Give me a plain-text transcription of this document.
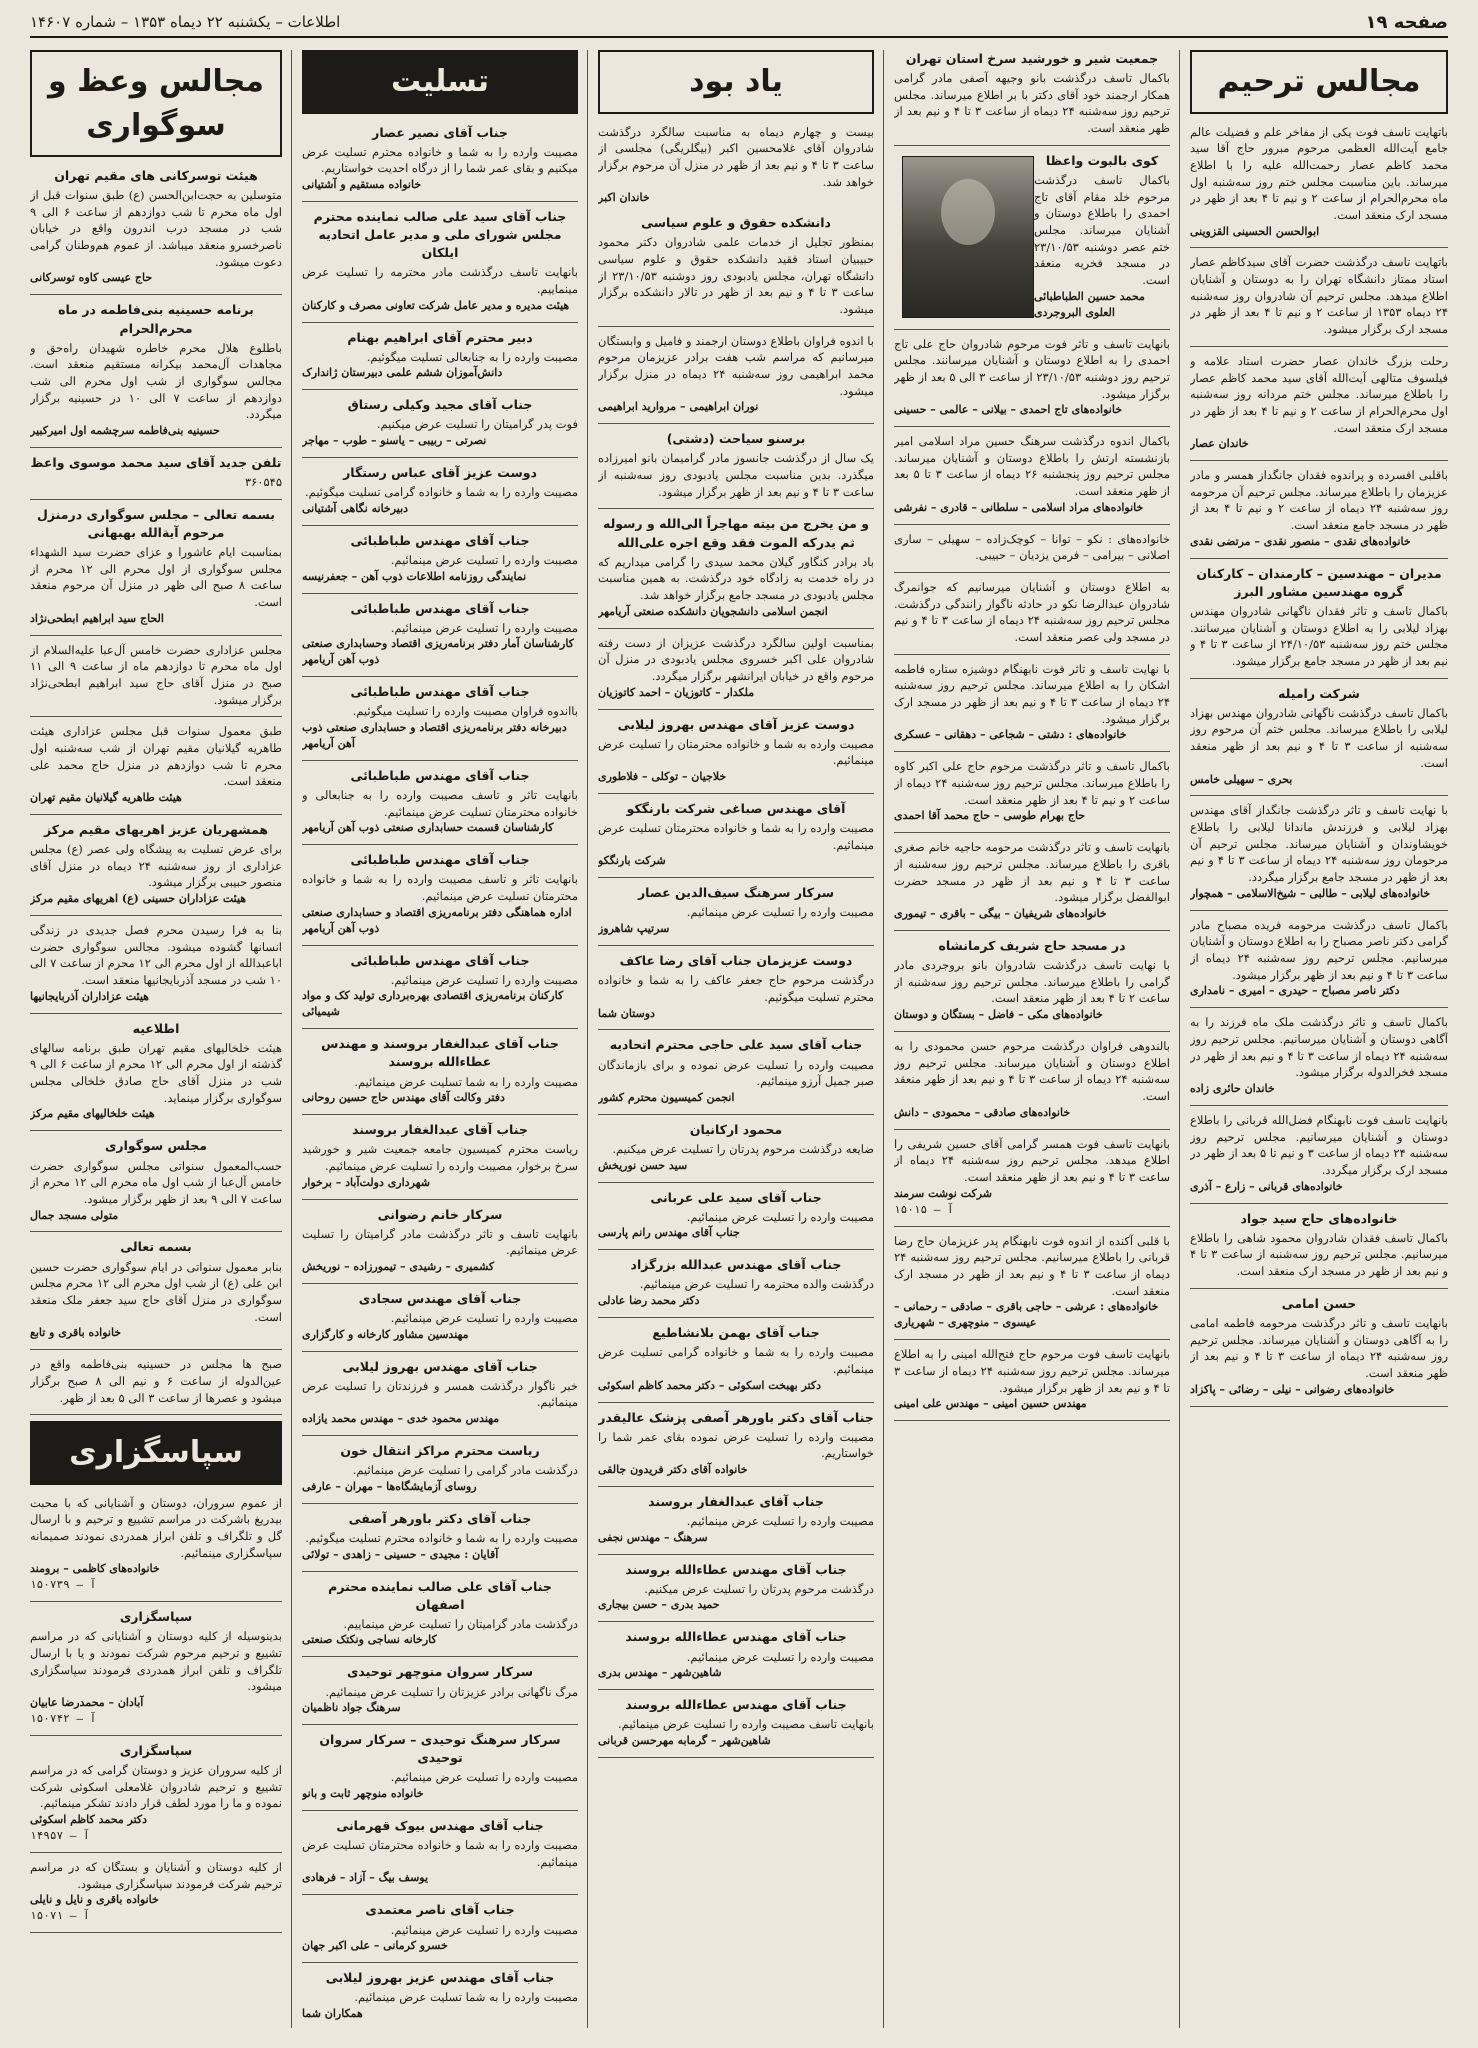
صفحه ۱۹
اطلاعات – یکشنبه ۲۲ دیماه ۱۳۵۳ – شماره ۱۴۶۰۷
مجالس ترحیم

باتهایت تاسف فوت یکی از مفاخر علم و فضیلت عالم جامع آیت‌الله العظمی مرحوم مبرور حاج آقا سید محمد کاظم عصار رحمت‌الله علیه را با اطلاع میرساند. باین مناسبت مجلس ختم روز سه‌شنبه اول ماه محرم‌الحرام از ساعت ۲ و نیم تا ۴ بعد از ظهر در مسجد ارک منعقد است.

ابوالحسن الحسینی القزوینی

باتهایت تاسف درگذشت حضرت آقای سیدکاظم عصار استاد ممتاز دانشگاه تهران را به دوستان و آشنایان اطلاع میدهد. مجلس ترحیم آن شادروان روز سه‌شنبه ۲۴ دیماه ۱۳۵۳ از ساعت ۲ و نیم تا ۴ بعد از ظهر در مسجد ارک برگزار میشود.

رحلت بزرگ خاندان عصار حضرت استاد علامه و فیلسوف متالهی آیت‌الله آقای سید محمد کاظم عصار را باطلاع میرساند. مجلس ختم مردانه روز سه‌شنبه اول محرم‌الحرام از ساعت ۲ و نیم تا ۴ بعد از ظهر در مسجد ارک منعقد است.

خاندان عصار

باقلبی افسرده و پراندوه فقدان جانگداز همسر و مادر عزیزمان را باطلاع میرساند. مجلس ترحیم آن مرحومه روز سه‌شنبه ۲۴ دیماه از ساعت ۲ و نیم تا ۴ بعد از ظهر در مسجد جامع منعقد است.

خانواده‌های نقدی – منصور نقدی – مرتضی نقدی
مدیران – مهندسین – کارمندان – کارکنان گروه مهندسین مشاور البرز

باکمال تاسف و تاثر فقدان ناگهانی شادروان مهندس بهزاد لیلابی را به اطلاع دوستان و آشنایان میرسانند. مجلس ختم روز سه‌شنبه ۲۴/۱۰/۵۳ از ساعت ۳ تا ۴ و نیم بعد از ظهر در مسجد جامع برگزار میشود.

شرکت رامیله

باکمال تاسف درگذشت ناگهانی شادروان مهندس بهزاد لیلابی را باطلاع میرساند. مجلس ختم آن مرحوم روز سه‌شنبه از ساعت ۳ تا ۴ و نیم بعد از ظهر منعقد است.

بحری – سهیلی خامس

با نهایت تاسف و تاثر درگذشت جانگداز آقای مهندس بهزاد لیلابی و فرزندش ماندانا لیلابی را باطلاع خویشاوندان و آشنایان میرساند. مجلس ترحیم آن مرحومان روز سه‌شنبه ۲۴ دیماه از ساعت ۳ تا ۴ و نیم بعد از ظهر در مسجد جامع برگزار میگردد.

خانواده‌های لیلابی – طالبی – شیخ‌الاسلامی – همچوار

باکمال تاسف درگذشت مرحومه فریده مصباح مادر گرامی دکتر ناصر مصباح را به اطلاع دوستان و آشنایان میرسانیم. مجلس ترحیم روز سه‌شنبه ۲۴ دیماه از ساعت ۳ تا ۴ و نیم بعد از ظهر برگزار میشود.

دکتر ناصر مصباح – حیدری – امیری – نامداری

باکمال تاسف و تاثر درگذشت ملک ماه فرزند را به آگاهی دوستان و آشنایان میرسانیم. مجلس ترحیم روز سه‌شنبه ۲۴ دیماه از ساعت ۳ تا ۴ و نیم بعد از ظهر در مسجد فخرالدوله برگزار میشود.

خاندان حائری زاده

بانهایت تاسف فوت نابهنگام فضل‌الله قربانی را باطلاع دوستان و آشنایان میرسانیم. مجلس ترحیم روز سه‌شنبه ۲۴ دیماه از ساعت ۳ و نیم تا ۵ بعد از ظهر در مسجد ارک برگزار میگردد.

خانواده‌های قربانی – زارع – آذری
خانواده‌های حاج سید جواد

باکمال تاسف فقدان شادروان محمود شاهی را باطلاع میرسانیم. مجلس ترحیم روز سه‌شنبه از ساعت ۳ تا ۴ و نیم بعد از ظهر در مسجد ارک منعقد است.

حسن امامی

بانهایت تاسف و تاثر درگذشت مرحومه فاطمه امامی را به آگاهی دوستان و آشنایان میرساند. مجلس ترحیم روز سه‌شنبه ۲۴ دیماه از ساعت ۳ تا ۴ و نیم بعد از ظهر منعقد است.

خانواده‌های رضوانی – نیلی – رضائی – پاکزاد
جمعیت شیر و خورشید سرخ استان تهران

باکمال تاسف درگذشت بانو وجیهه آصفی مادر گرامی همکار ارجمند خود آقای دکتر با بر اطلاع میرساند. مجلس ترحیم روز سه‌شنبه ۲۴ دیماه از ساعت ۳ تا ۴ و نیم بعد از ظهر منعقد است.

کوی بالبوت واعظا

باکمال تاسف درگذشت مرحوم خلد مقام آقای تاج احمدی را باطلاع دوستان و آشنایان میرساند. مجلس ختم عصر دوشنبه ۲۳/۱۰/۵۳ در مسجد فخریه منعقد است.

محمد حسین الطباطبائی العلوی البروجردی

بانهایت تاسف و تاثر فوت مرحوم شادروان حاج علی تاج احمدی را به اطلاع دوستان و آشنایان میرسانند. مجلس ترحیم روز دوشنبه ۲۳/۱۰/۵۳ از ساعت ۳ الی ۵ بعد از ظهر برگزار میشود.

خانواده‌های تاج احمدی – بیلانی – عالمی – حسینی

باکمال اندوه درگذشت سرهنگ حسین مراد اسلامی امیر بازنشسته ارتش را باطلاع دوستان و آشنایان میرساند. مجلس ترحیم روز پنجشنبه ۲۶ دیماه از ساعت ۳ تا ۵ بعد از ظهر منعقد است.

خانواده‌های مراد اسلامی – سلطانی – قادری – نفرشی

خانواده‌های : نکو – توانا – کوچک‌زاده – سهیلی – ساری اصلانی – بیرامی – فرمن یزدیان – حبیبی.

به اطلاع دوستان و آشنایان میرسانیم که جوانمرگ شادروان عبدالرضا نکو در حادثه ناگوار رانندگی درگذشت. مجلس ترحیم روز سه‌شنبه ۲۴ دیماه از ساعت ۳ تا ۴ و نیم در مسجد ولی عصر منعقد است.

با نهایت تاسف و تاثر فوت نابهنگام دوشیزه ستاره فاطمه اشکان را به اطلاع میرساند. مجلس ترحیم روز سه‌شنبه ۲۴ دیماه از ساعت ۳ تا ۴ و نیم بعد از ظهر در مسجد ارک برگزار میشود.

خانواده‌های : دشتی – شجاعی – دهقانی – عسکری

باکمال تاسف و تاثر درگذشت مرحوم حاج علی اکبر کاوه را باطلاع میرساند. مجلس ترحیم روز سه‌شنبه ۲۴ دیماه از ساعت ۲ و نیم تا ۴ بعد از ظهر منعقد است.

حاج بهرام طوسی – حاج محمد آقا احمدی

بانهایت تاسف و تاثر درگذشت مرحومه حاجیه خانم صغری باقری را باطلاع میرساند. مجلس ترحیم روز سه‌شنبه از ساعت ۳ تا ۴ و نیم بعد از ظهر در مسجد حضرت ابوالفضل برگزار میشود.

خانواده‌های شریفیان – بیگی – باقری – تیموری
در مسجد حاج شریف کرمانشاه

با نهایت تاسف درگذشت شادروان بانو بروجردی مادر گرامی را باطلاع میرساند. مجلس ترحیم روز سه‌شنبه از ساعت ۲ تا ۴ بعد از ظهر منعقد است.

خانواده‌های مکی – فاضل – بستگان و دوستان

بالندوهی فراوان درگذشت مرحوم حسن محمودی را به اطلاع دوستان و آشنایان میرساند. مجلس ترحیم روز سه‌شنبه ۲۴ دیماه از ساعت ۳ تا ۴ و نیم بعد از ظهر منعقد است.

خانواده‌های صادقی – محمودی – دانش

بانهایت تاسف فوت همسر گرامی آقای حسین شریفی را اطلاع میدهد. مجلس ترحیم روز سه‌شنبه ۲۴ دیماه از ساعت ۳ تا ۴ و نیم بعد از ظهر منعقد است.

شرکت نوشت سرمند
آ – ۱۵۰۱۵

با قلبی آکنده از اندوه فوت نابهنگام پدر عزیزمان حاج رضا قربانی را باطلاع میرسانیم. مجلس ترحیم روز سه‌شنبه ۲۴ دیماه از ساعت ۳ تا ۴ و نیم بعد از ظهر در مسجد ارک منعقد است.

خانواده‌های : عرشی – حاجی باقری – صادقی – رحمانی – عیسوی – منوچهری – شهریاری

بانهایت تاسف فوت مرحوم حاج فتح‌الله امینی را به اطلاع میرساند. مجلس ترحیم روز سه‌شنبه ۲۴ دیماه از ساعت ۳ تا ۴ و نیم بعد از ظهر برگزار میشود.

مهندس حسین امینی – مهندس علی امینی
یاد بود

بیست و چهارم دیماه به مناسبت سالگرد درگذشت شادروان آقای غلامحسین اکبر (بیگلریگی) مجلسی از ساعت ۳ تا ۴ و نیم بعد از ظهر در منزل آن مرحوم برگزار خواهد شد.

خاندان اکبر
دانشکده حقوق و علوم سیاسی

بمنظور تجلیل از خدمات علمی شادروان دکتر محمود حبیبیان استاد فقید دانشکده حقوق و علوم سیاسی دانشگاه تهران، مجلس یادبودی روز دوشنبه ۲۳/۱۰/۵۳ از ساعت ۳ تا ۴ و نیم بعد از ظهر در تالار دانشکده برگزار میشود.

با اندوه فراوان باطلاع دوستان ارجمند و فامیل و وابستگان میرسانیم که مراسم شب هفت برادر عزیزمان مرحوم محمد ابراهیمی روز سه‌شنبه ۲۴ دیماه در منزل برگزار میشود.

نوران ابراهیمی – مروارید ابراهیمی
برسنو سیاحت (دشتی)

یک سال از درگذشت جانسوز مادر گرامیمان بانو امیرزاده میگذرد. بدین مناسبت مجلس یادبودی روز سه‌شنبه از ساعت ۳ تا ۴ و نیم بعد از ظهر برگزار میشود.

و من یخرج من بیته مهاجراً الی‌الله و رسوله ثم یدرکه الموت فقد وقع اجره علی‌الله

باد برادر کنگاور گیلان محمد سیدی را گرامی میداریم که در راه خدمت به زادگاه خود درگذشت. به همین مناسبت مجلس یادبودی در مسجد جامع برگزار خواهد شد.

انجمن اسلامی دانشجویان دانشکده صنعتی آریامهر

بمناسبت اولین سالگرد درگذشت عزیزان از دست رفته شادروان علی اکبر خسروی مجلس یادبودی در منزل آن مرحوم واقع در خیابان ایرانشهر برگزار میگردد.

ملکدار – کاتوزیان – احمد کاتوزیان
دوست عزیز آقای مهندس بهروز لیلابی

مصیبت وارده به شما و خانواده محترمتان را تسلیت عرض مینمائیم.

خلاجیان – توکلی – فلاطوری
آقای مهندس صباغی شرکت بارنگکو

مصیبت وارده را به شما و خانواده محترمتان تسلیت عرض مینمائیم.

شرکت بارنگکو
سرکار سرهنگ سیف‌الدین عصار

مصیبت وارده را تسلیت عرض مینمائیم.

سرتیپ شاهروز
دوست عزیزمان جناب آقای رضا عاکف

درگذشت مرحوم حاج جعفر عاکف را به شما و خانواده محترم تسلیت میگوئیم.

دوستان شما
جناب آقای سید علی حاجی محترم اتحادیه

مصیبت وارده را تسلیت عرض نموده و برای بازماندگان صبر جمیل آرزو مینمائیم.

انجمن کمیسیون محترم کشور
محمود ارکانیان

ضایعه درگذشت مرحوم پدرتان را تسلیت عرض میکنیم.

سید حسن نوریخش
جناب آقای سید علی عربانی

مصیبت وارده را تسلیت عرض مینمائیم.

جناب آقای مهندس رانم پارسی
جناب آقای مهندس عبدالله بزرگزاد

درگذشت والده محترمه را تسلیت عرض مینمائیم.

دکتر محمد رضا عادلی
جناب آقای بهمن بلانشاطیع

مصیبت وارده را به شما و خانواده گرامی تسلیت عرض مینمائیم.

دکتر بهبخت اسکوئی – دکتر محمد کاظم اسکوئی
جناب آقای دکتر باورهر آصفی پزشک عالیقدر

مصیبت وارده را تسلیت عرض نموده بقای عمر شما را خواستاریم.

خانواده آقای دکتر فریدون جالقی
جناب آقای عبدالغفار بروسند

مصیبت وارده را تسلیت عرض مینمائیم.

سرهنگ – مهندس نجفی
جناب آقای مهندس عطاءالله بروسند

درگذشت مرحوم پدرتان را تسلیت عرض میکنیم.

حمید بدری – حسن بیجاری
جناب آقای مهندس عطاءالله بروسند

مصیبت وارده را تسلیت عرض مینمائیم.

شاهین‌شهر – مهندس بدری
جناب آقای مهندس عطاءالله بروسند

بانهایت تاسف مصیبت وارده را تسلیت عرض مینمائیم.

شاهین‌شهر – گرمابه مهرحسن قربانی
تسلیت
جناب آقای نصیر عصار

مصیبت وارده را به شما و خانواده محترم تسلیت عرض میکنیم و بقای عمر شما را از درگاه احدیت خواستاریم.

خانواده مستقیم و آشتیانی
جناب آقای سید علی صالب نماینده محترم مجلس شورای ملی و مدیر عامل اتحادیه ایلکان

بانهایت تاسف درگذشت مادر محترمه را تسلیت عرض مینماییم.

هیئت مدیره و مدیر عامل شرکت تعاونی مصرف و کارکنان
دبیر محترم آقای ابراهیم بهنام

مصیبت وارده را به جنابعالی تسلیت میگوئیم.

دانش‌آموزان ششم علمی دبیرستان ژاندارک
جناب آقای مجید وکیلی رستاق

فوت پدر گرامیتان را تسلیت عرض میکنیم.

نصرتی – ربیبی – یاسنو – طوب – مهاجر
دوست عزیز آقای عباس رستگار

مصیبت وارده را به شما و خانواده گرامی تسلیت میگوئیم.

دبیرخانه نگاهی آشتیانی
جناب آقای مهندس طباطبائی

مصیبت وارده را تسلیت عرض مینمائیم.

نمایندگی روزنامه اطلاعات ذوب آهن – جعفرنیسه
جناب آقای مهندس طباطبائی

مصیبت وارده را تسلیت عرض مینمائیم.

کارشناسان آمار دفتر برنامه‌ریزی اقتصاد وحسابداری صنعتی ذوب آهن آریامهر
جناب آقای مهندس طباطبائی

بااندوه فراوان مصیبت وارده را تسلیت میگوئیم.

دبیرخانه دفتر برنامه‌ریزی اقتصاد و حسابداری صنعتی ذوب آهن آریامهر
جناب آقای مهندس طباطبائی

بانهایت تاثر و تاسف مصیبت وارده را به جنابعالی و خانواده محترمتان تسلیت عرض مینمائیم.

کارشناسان قسمت حسابداری صنعتی ذوب آهن آریامهر
جناب آقای مهندس طباطبائی

بانهایت تاثر و تاسف مصیبت وارده را به شما و خانواده محترمتان تسلیت عرض مینمائیم.

اداره هماهنگی دفتر برنامه‌ریزی اقتصاد و حسابداری صنعتی ذوب آهن آریامهر
جناب آقای مهندس طباطبائی

مصیبت وارده را تسلیت عرض مینمائیم.

کارکنان برنامه‌ریزی اقتصادی بهره‌برداری تولید کک و مواد شیمیائی
جناب آقای عبدالغفار بروسند و مهندس عطاءالله بروسند

مصیبت وارده را به شما تسلیت عرض مینمائیم.

دفتر وکالت آقای مهندس حاج حسین روحانی
جناب آقای عبدالغفار بروسند

ریاست محترم کمیسیون جامعه جمعیت شیر و خورشید سرخ برخوار، مصیبت وارده را تسلیت عرض مینمائیم.

شهرداری دولت‌آباد – برخوار
سرکار خانم رضوانی

بانهایت تاسف و تاثر درگذشت مادر گرامیتان را تسلیت عرض مینمائیم.

کشمیری – رشیدی – تیمورزاده – نوریخش
جناب آقای مهندس سجادی

مصیبت وارده را تسلیت عرض مینمائیم.

مهندسین مشاور کارخانه و کارگزاری
جناب آقای مهندس بهروز لیلابی

خبر ناگوار درگذشت همسر و فرزندتان را تسلیت عرض مینمائیم.

مهندس محمود خدی – مهندس محمد یازاده
ریاست محترم مراکز انتقال خون

درگذشت مادر گرامی را تسلیت عرض مینمائیم.

روسای آزمایشگاه‌ها – مهران – عارفی
جناب آقای دکتر باورهر آصفی

مصیبت وارده را به شما و خانواده محترم تسلیت میگوئیم.

آقایان : مجیدی – حسینی – زاهدی – تولائی
جناب آقای علی صالب نماینده محترم اصفهان

درگذشت مادر گرامیتان را تسلیت عرض مینماییم.

کارخانه نساجی ونکتک صنعتی
سرکار سروان منوچهر توحیدی

مرگ ناگهانی برادر عزیزتان را تسلیت عرض مینمائیم.

سرهنگ جواد ناظمیان
سرکار سرهنگ توحیدی – سرکار سروان توحیدی

مصیبت وارده را تسلیت عرض مینمائیم.

خانواده منوچهر ثابت و بانو
جناب آقای مهندس بیوک قهرمانی

مصیبت وارده را به شما و خانواده محترمتان تسلیت عرض مینمائیم.

یوسف بیگ – آزاد – فرهادی
جناب آقای ناصر معتمدی

مصیبت وارده را تسلیت عرض مینمائیم.

خسرو کرمانی – علی اکبر جهان
جناب آقای مهندس عزیز بهروز لیلابی

مصیبت وارده را به شما تسلیت عرض مینمائیم.

همکاران شما
مجالس وعظ و سوگواری
هیئت توسرکانی های مقیم تهران

متوسلین به حجت‌ابن‌الحسن (ع) طبق سنوات قبل از اول ماه محرم تا شب دوازدهم از ساعت ۶ الی ۹ شب در مسجد درب اندرون واقع در خیابان ناصرخسرو منعقد میباشد. از عموم هم‌وطنان گرامی دعوت میشود.

حاج عیسی کاوه توسرکانی
برنامه حسینیه بنی‌فاطمه در ماه محرم‌الحرام

باطلوع هلال محرم خاطره شهیدان راه‌حق و مجاهدات آل‌محمد بیکرانه مستقیم منعقد است. مجالس سوگواری از شب اول محرم الی شب دوازدهم از ساعت ۷ الی ۱۰ در حسینیه برگزار میگردد.

حسینیه بنی‌فاطمه سرچشمه اول امیرکبیر
تلفن جدید آقای سید محمد موسوی واعظ

۳۶۰۵۴۵

بسمه تعالی – مجلس سوگواری درمنزل مرحوم آیة‌الله بهبهانی

بمناسبت ایام عاشورا و عزای حضرت سید الشهداء مجلس سوگواری از اول محرم الی ۱۲ محرم از ساعت ۸ صبح الی ظهر در منزل آن مرحوم منعقد است.

الحاج سید ابراهیم ابطحی‌نژاد

مجلس عزاداری حضرت خامس آل‌عبا علیه‌السلام از اول ماه محرم تا دوازدهم ماه از ساعت ۹ الی ۱۱ صبح در منزل آقای حاج سید ابراهیم ابطحی‌نژاد برگزار میشود.

طبق معمول سنوات قبل مجلس عزاداری هیئت طاهریه گیلانیان مقیم تهران از شب سه‌شنبه اول محرم تا شب دوازدهم در منزل حاج محمد علی منعقد است.

هیئت طاهریه گیلانیان مقیم تهران
همشهریان عزیز اهریهای مقیم مرکز

برای عرض تسلیت به پیشگاه ولی عصر (ع) مجلس عزاداری از روز سه‌شنبه ۲۴ دیماه در منزل آقای منصور حبیبی برگزار میشود.

هیئت عزاداران حسینی (ع) اهریهای مقیم مرکز

بنا به فرا رسیدن محرم فصل جدیدی در زندگی انسانها گشوده میشود. مجالس سوگواری حضرت اباعبدالله از اول محرم الی ۱۲ محرم از ساعت ۷ الی ۱۰ شب در مسجد آذربایجانیها منعقد است.

هیئت عزاداران آذربایجانیها
اطلاعیه

هیئت خلخالیهای مقیم تهران طبق برنامه سالهای گذشته از اول محرم الی ۱۲ محرم از ساعت ۶ الی ۹ شب در منزل آقای حاج صادق خلخالی مجلس سوگواری برگزار مینماید.

هیئت خلخالیهای مقیم مرکز
مجلس سوگواری

حسب‌المعمول سنواتی مجلس سوگواری حضرت خامس آل‌عبا از شب اول ماه محرم الی ۱۲ محرم از ساعت ۷ الی ۹ بعد از ظهر برگزار میشود.

متولی مسجد جمال
بسمه تعالی

بنابر معمول سنواتی در ایام سوگواری حضرت حسین ابن علی (ع) از شب اول محرم الی ۱۲ محرم مجلس سوگواری در منزل آقای حاج سید جعفر ملک منعقد است.

خانواده باقری و تابع

صبح ها مجلس در حسینیه بنی‌فاطمه واقع در عین‌الدوله از ساعت ۶ و نیم الی ۸ صبح برگزار میشود و عصرها از ساعت ۳ الی ۵ بعد از ظهر.

سپاسگزاری

از عموم سروران، دوستان و آشنایانی که با محبت بیدریغ باشرکت در مراسم تشییع و ترحیم و با ارسال گل و تلگراف و تلفن ابراز همدردی نمودند صمیمانه سپاسگزاری مینمائیم.

خانواده‌های کاظمی – برومند
آ – ۱۵۰۷۳۹
سپاسگزاری

بدینوسیله از کلیه دوستان و آشنایانی که در مراسم تشییع و ترحیم مرحوم شرکت نمودند و یا با ارسال تلگراف و تلفن ابراز همدردی فرمودند سپاسگزاری میشود.

آبادان – محمدرضا عابیان
آ – ۱۵۰۷۴۲
سپاسگزاری

از کلیه سروران عزیز و دوستان گرامی که در مراسم تشییع و ترحیم شادروان غلامعلی اسکوئی شرکت نموده و ما را مورد لطف قرار دادند تشکر مینمائیم.

دکتر محمد کاظم اسکوئی
آ – ۱۴۹۵۷

از کلیه دوستان و آشنایان و بستگان که در مراسم ترحیم شرکت فرمودند سپاسگزاری میشود.

خانواده باقری و نایل و نایلی
آ – ۱۵۰۷۱
